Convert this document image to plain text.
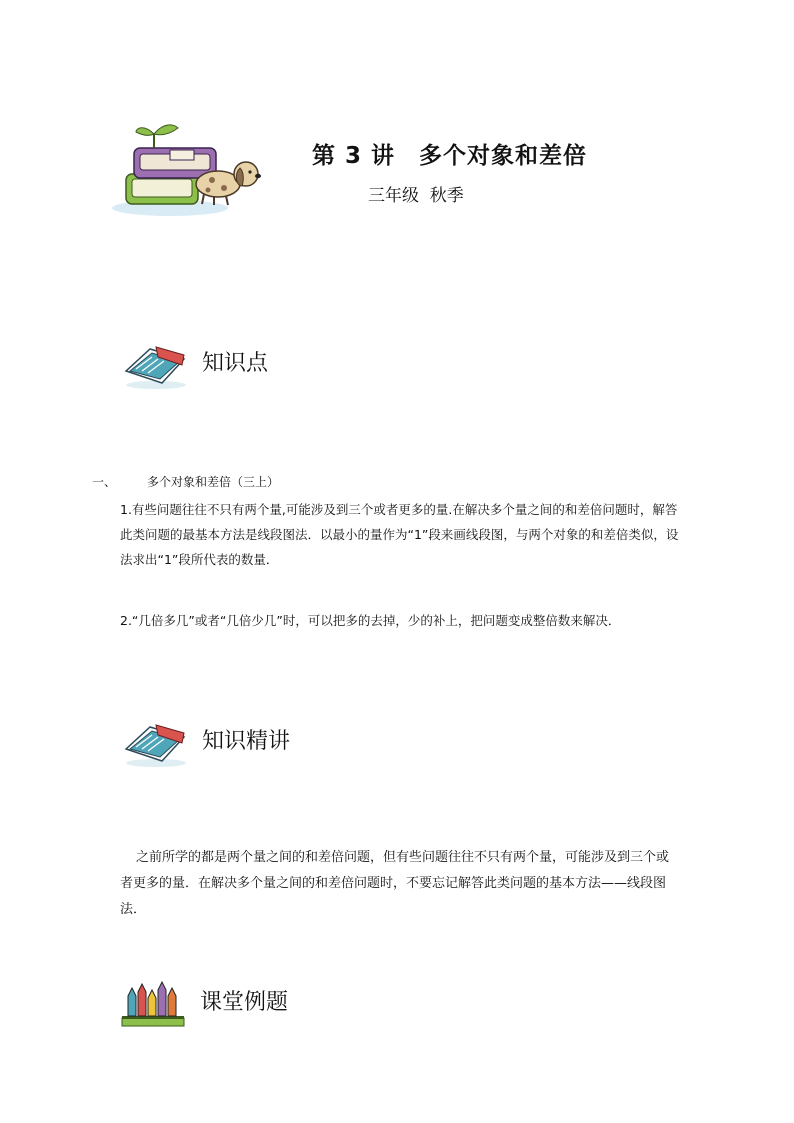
第 3 讲　多个对象和差倍
三年级  秋季
知识点
一、	多个对象和差倍（三上）
1.有些问题往往不只有两个量,可能涉及到三个或者更多的量.在解决多个量之间的和差倍问题时，解答此类问题的最基本方法是线段图法．以最小的量作为“1”段来画线段图，与两个对象的和差倍类似，设法求出“1”段所代表的数量．
2.“几倍多几”或者“几倍少几”时，可以把多的去掉，少的补上，把问题变成整倍数来解决．
知识精讲
之前所学的都是两个量之间的和差倍问题，但有些问题往往不只有两个量，可能涉及到三个或者更多的量．在解决多个量之间的和差倍问题时，不要忘记解答此类问题的基本方法——线段图法．
课堂例题
